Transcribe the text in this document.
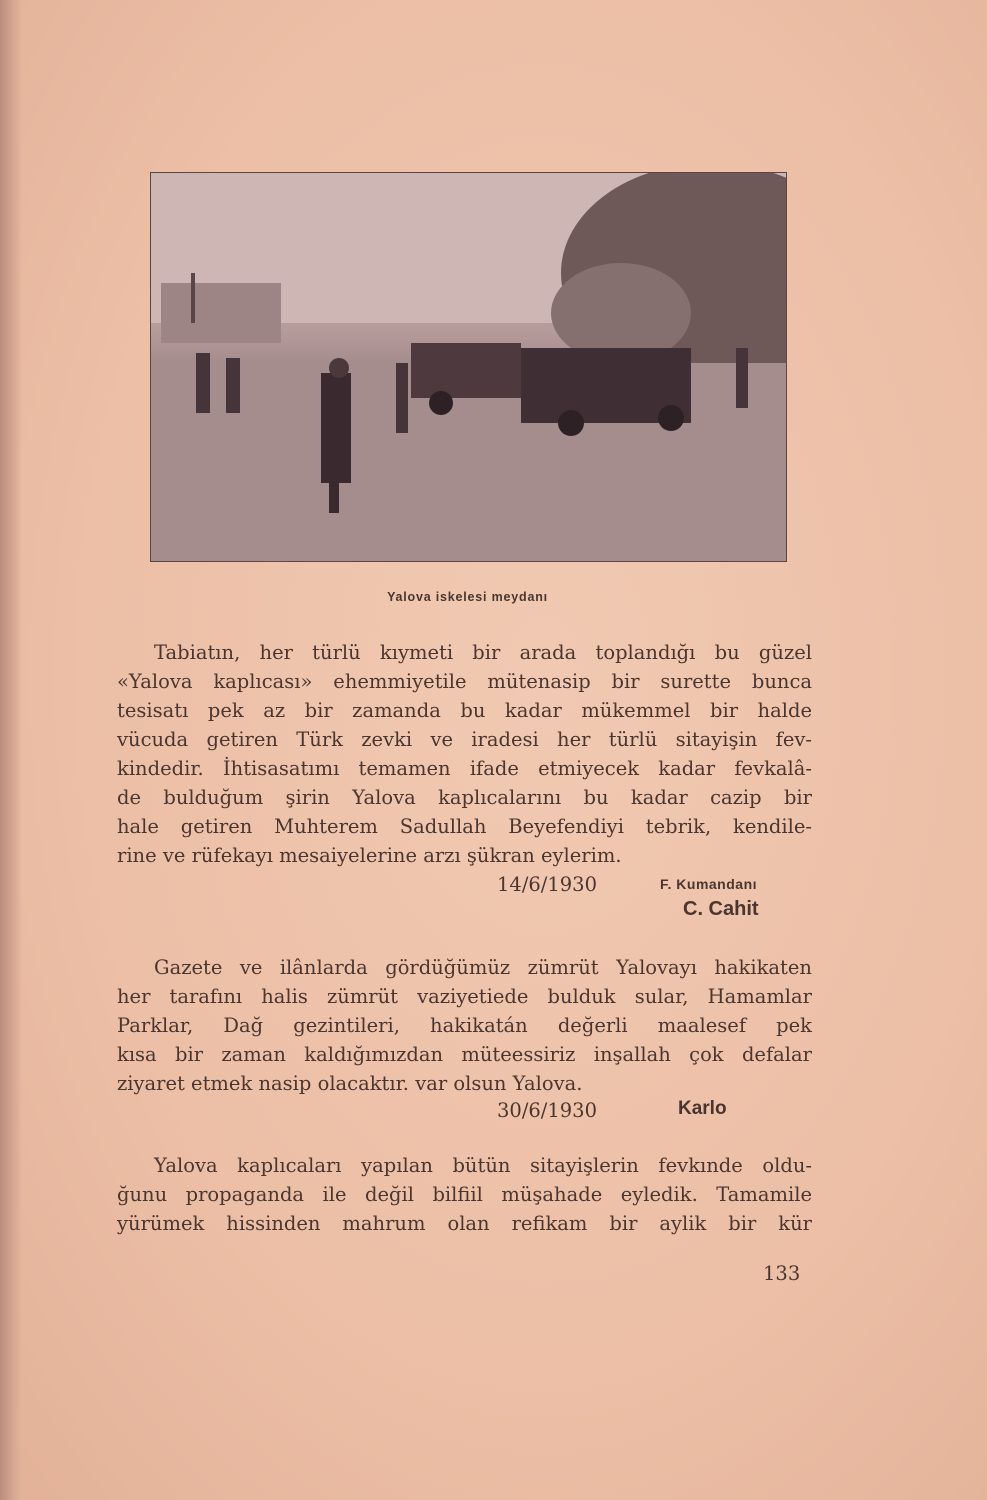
Yalova iskelesi meydanı
Tabiatın, her türlü kıymeti bir arada toplandığı bu güzel
«Yalova kaplıcası» ehemmiyetile mütenasip bir surette bunca
tesisatı pek az bir zamanda bu kadar mükemmel bir halde
vücuda getiren Türk zevki ve iradesi her türlü sitayişin fev-
kindedir. İhtisasatımı temamen ifade etmiyecek kadar fevkalâ-
de bulduğum şirin Yalova kaplıcalarını bu kadar cazip bir
hale getiren Muhterem Sadullah Beyefendiyi tebrik, kendile-
rine ve rüfekayı mesaiyelerine arzı şükran eylerim.
14/6/1930	F. Kumandanı
C. Cahit
Gazete ve ilânlarda gördüğümüz zümrüt Yalovayı hakikaten
her tarafını halis zümrüt vaziyetiede bulduk sular, Hamamlar
Parklar, Dağ gezintileri, hakikatán değerli maalesef pek
kısa bir zaman kaldığımızdan müteessiriz inşallah çok defalar
ziyaret etmek nasip olacaktır. var olsun Yalova.
30/6/1930	Karlo
Yalova kaplıcaları yapılan bütün sitayişlerin fevkınde oldu-
ğunu propaganda ile değil bilfiil müşahade eyledik. Tamamile
yürümek hissinden mahrum olan refikam bir aylik bir kür
133
